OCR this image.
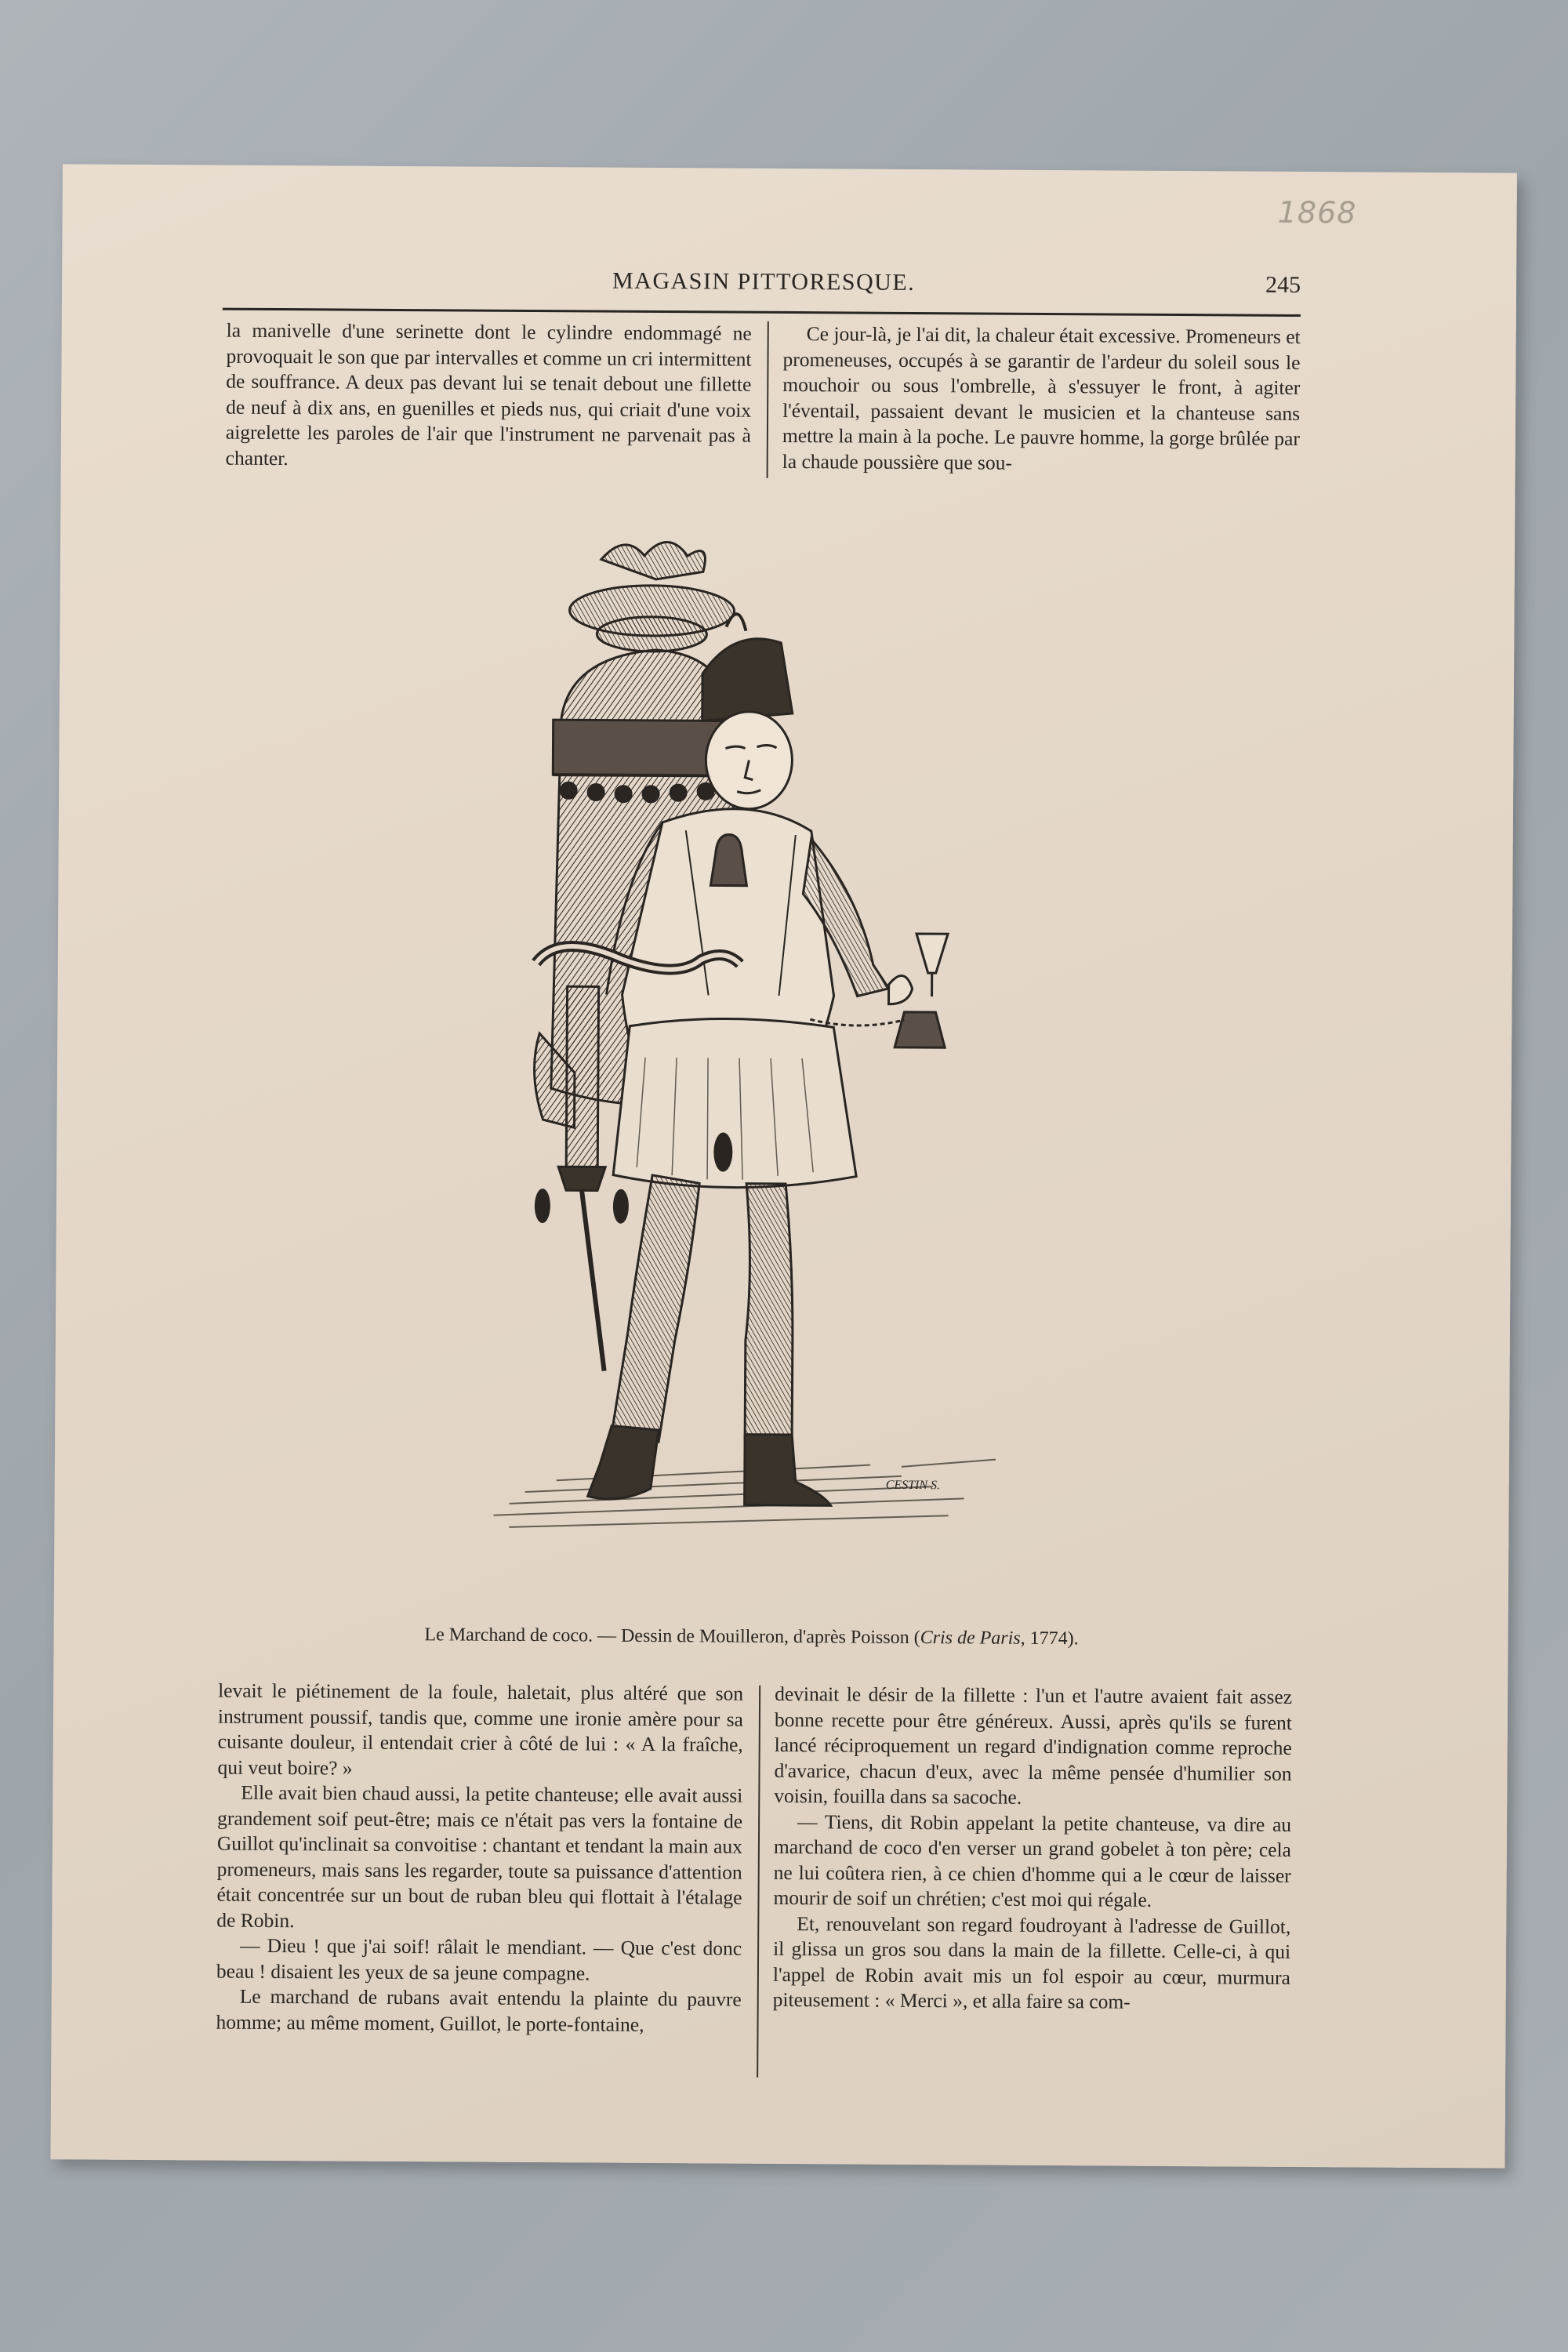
1868
MAGASIN PITTORESQUE.	245

la manivelle d'une serinette dont le cylindre endommagé ne provoquait le son que par intervalles et comme un cri intermittent de souffrance. A deux pas devant lui se tenait debout une fillette de neuf à dix ans, en guenilles et pieds nus, qui criait d'une voix aigrelette les paroles de l'air que l'instrument ne parvenait pas à chanter.

Ce jour-là, je l'ai dit, la chaleur était excessive. Promeneurs et promeneuses, occupés à se garantir de l'ardeur du soleil sous le mouchoir ou sous l'ombrelle, à s'essuyer le front, à agiter l'éventail, passaient devant le musicien et la chanteuse sans mettre la main à la poche. Le pauvre homme, la gorge brûlée par la chaude poussière que sou-

CESTIN S.
Le Marchand de coco. — Dessin de Mouilleron, d'après Poisson (Cris de Paris, 1774).

levait le piétinement de la foule, haletait, plus altéré que son instrument poussif, tandis que, comme une ironie amère pour sa cuisante douleur, il entendait crier à côté de lui : « A la fraîche, qui veut boire? »

Elle avait bien chaud aussi, la petite chanteuse; elle avait aussi grandement soif peut-être; mais ce n'était pas vers la fontaine de Guillot qu'inclinait sa convoitise : chantant et tendant la main aux promeneurs, mais sans les regarder, toute sa puissance d'attention était concentrée sur un bout de ruban bleu qui flottait à l'étalage de Robin.

— Dieu ! que j'ai soif! râlait le mendiant. — Que c'est donc beau ! disaient les yeux de sa jeune compagne.

Le marchand de rubans avait entendu la plainte du pauvre homme; au même moment, Guillot, le porte-fontaine,

devinait le désir de la fillette : l'un et l'autre avaient fait assez bonne recette pour être généreux. Aussi, après qu'ils se furent lancé réciproquement un regard d'indignation comme reproche d'avarice, chacun d'eux, avec la même pensée d'humilier son voisin, fouilla dans sa sacoche.

— Tiens, dit Robin appelant la petite chanteuse, va dire au marchand de coco d'en verser un grand gobelet à ton père; cela ne lui coûtera rien, à ce chien d'homme qui a le cœur de laisser mourir de soif un chrétien; c'est moi qui régale.

Et, renouvelant son regard foudroyant à l'adresse de Guillot, il glissa un gros sou dans la main de la fillette. Celle-ci, à qui l'appel de Robin avait mis un fol espoir au cœur, murmura piteusement : « Merci », et alla faire sa com-
